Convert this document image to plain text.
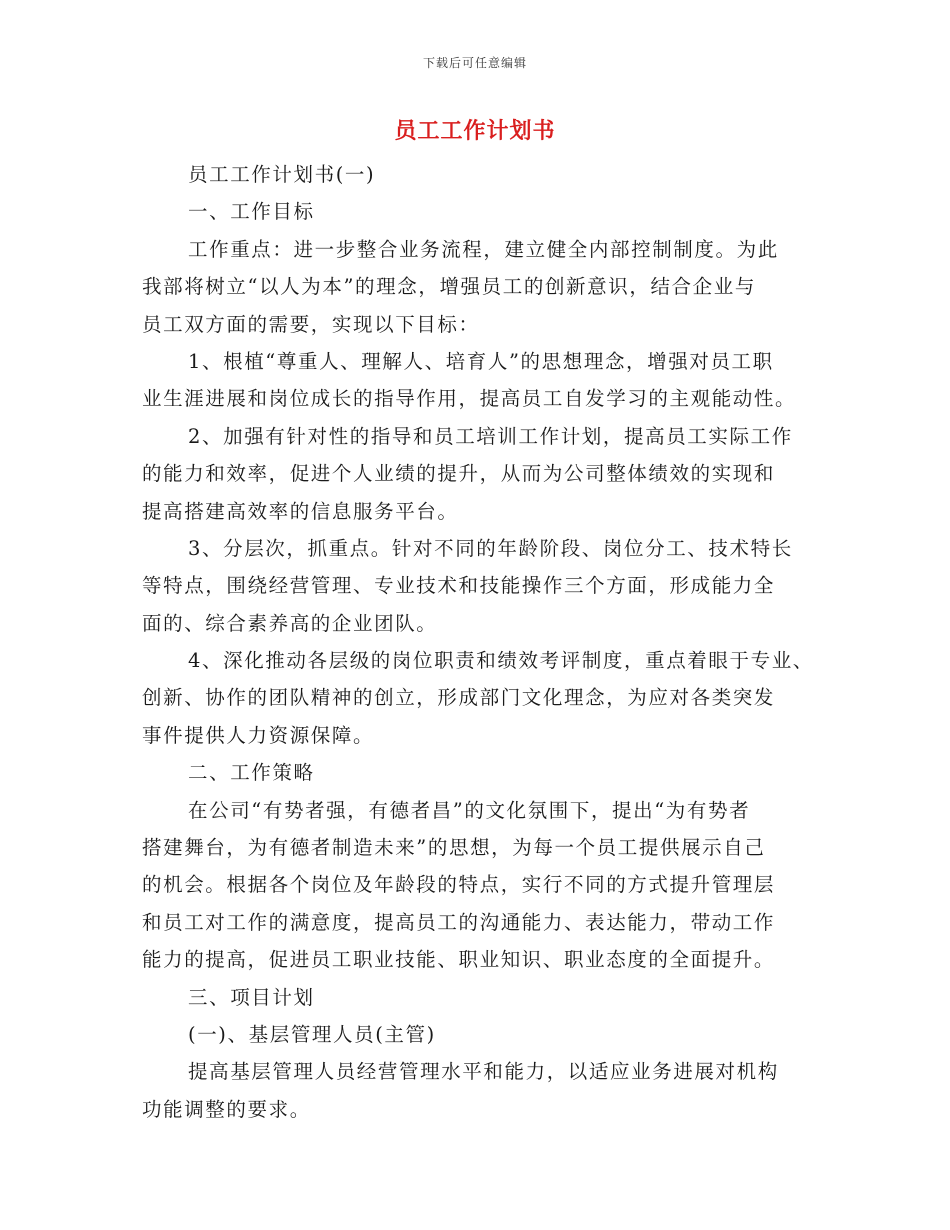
下载后可任意编辑
员工工作计划书
员工工作计划书(一)
一、工作目标
工作重点：进一步整合业务流程，建立健全内部控制制度。为此
我部将树立“以人为本”的理念，增强员工的创新意识，结合企业与
员工双方面的需要，实现以下目标：
1、根植“尊重人、理解人、培育人”的思想理念，增强对员工职
业生涯进展和岗位成长的指导作用，提高员工自发学习的主观能动性。
2、加强有针对性的指导和员工培训工作计划，提高员工实际工作
的能力和效率，促进个人业绩的提升，从而为公司整体绩效的实现和
提高搭建高效率的信息服务平台。
3、分层次，抓重点。针对不同的年龄阶段、岗位分工、技术特长
等特点，围绕经营管理、专业技术和技能操作三个方面，形成能力全
面的、综合素养高的企业团队。
4、深化推动各层级的岗位职责和绩效考评制度，重点着眼于专业、
创新、协作的团队精神的创立，形成部门文化理念，为应对各类突发
事件提供人力资源保障。
二、工作策略
在公司“有势者强，有德者昌”的文化氛围下，提出“为有势者
搭建舞台，为有德者制造未来”的思想，为每一个员工提供展示自己
的机会。根据各个岗位及年龄段的特点，实行不同的方式提升管理层
和员工对工作的满意度，提高员工的沟通能力、表达能力，带动工作
能力的提高，促进员工职业技能、职业知识、职业态度的全面提升。
三、项目计划
(一)、基层管理人员(主管)
提高基层管理人员经营管理水平和能力，以适应业务进展对机构
功能调整的要求。
